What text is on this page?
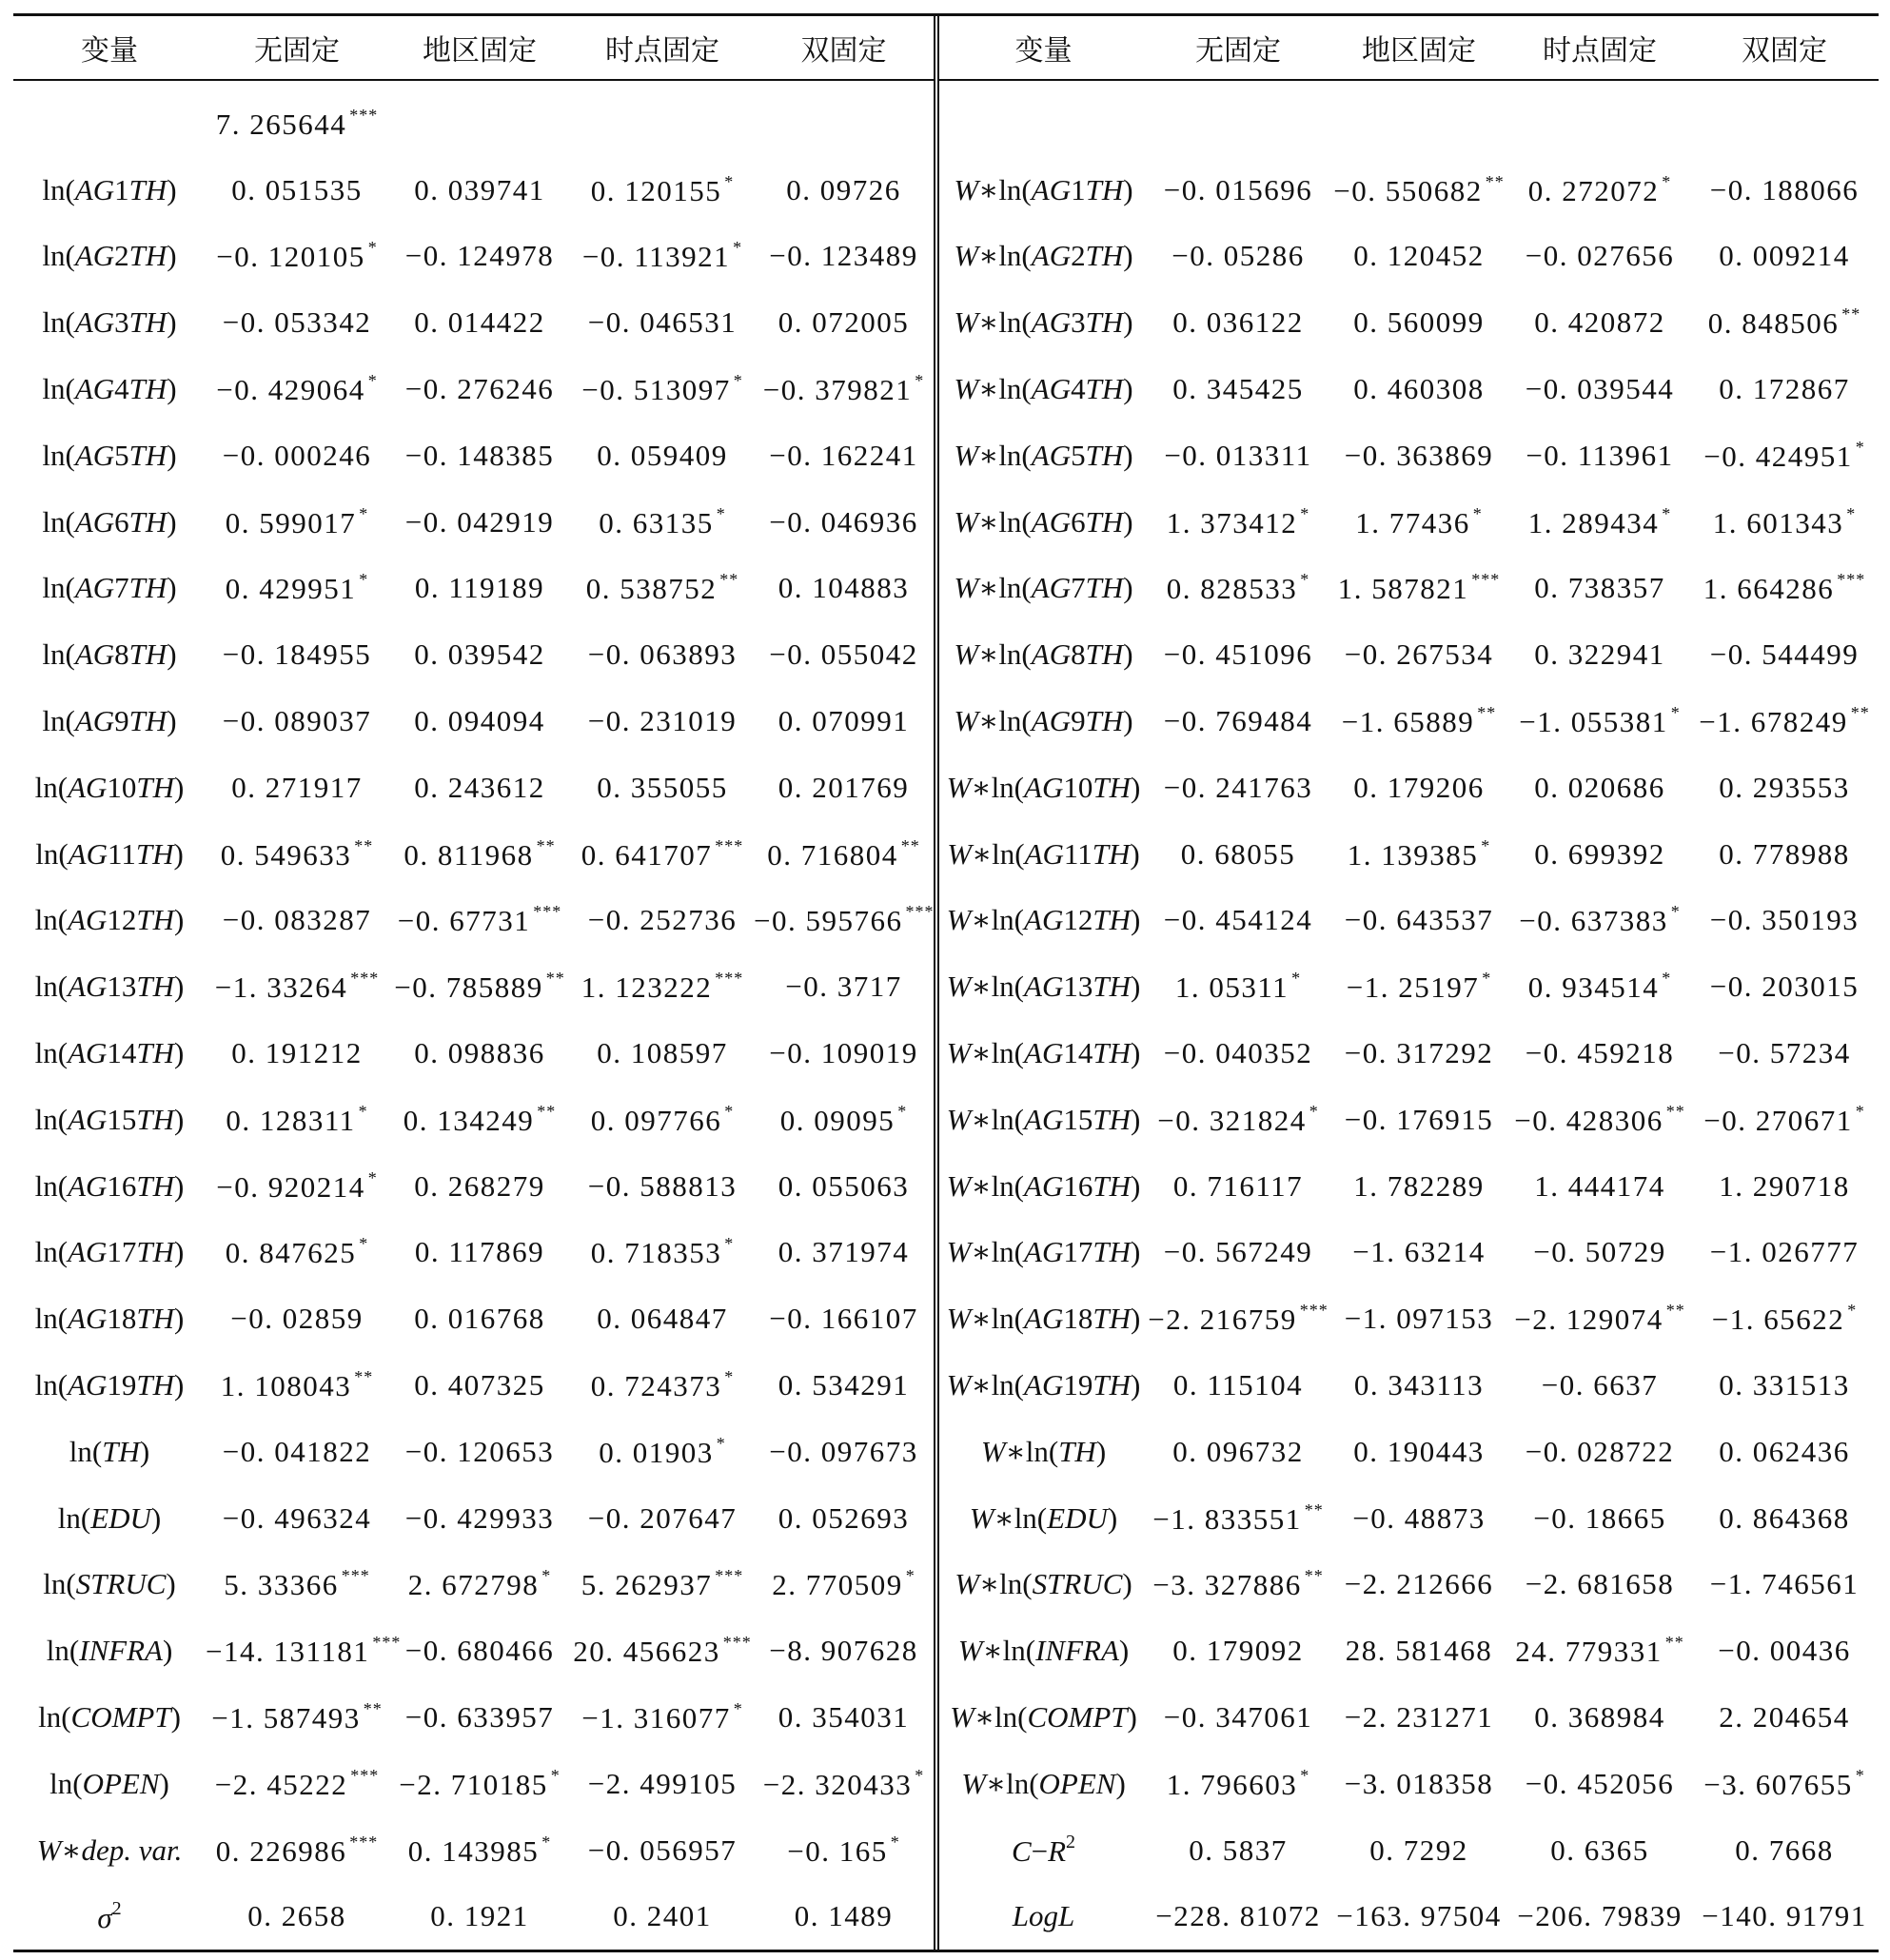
变量	无固定	地区固定	时点固定	双固定	变量	无固定	地区固定	时点固定	双固定
	7. 265644 ***								
ln(AG1TH)	0. 051535	0. 039741	0. 120155 *	0. 09726	W∗ln(AG1TH)	−0. 015696	−0. 550682 **	0. 272072 *	−0. 188066
ln(AG2TH)	−0. 120105 *	−0. 124978	−0. 113921 *	−0. 123489	W∗ln(AG2TH)	−0. 05286	0. 120452	−0. 027656	0. 009214
ln(AG3TH)	−0. 053342	0. 014422	−0. 046531	0. 072005	W∗ln(AG3TH)	0. 036122	0. 560099	0. 420872	0. 848506 **
ln(AG4TH)	−0. 429064 *	−0. 276246	−0. 513097 *	−0. 379821 *	W∗ln(AG4TH)	0. 345425	0. 460308	−0. 039544	0. 172867
ln(AG5TH)	−0. 000246	−0. 148385	0. 059409	−0. 162241	W∗ln(AG5TH)	−0. 013311	−0. 363869	−0. 113961	−0. 424951 *
ln(AG6TH)	0. 599017 *	−0. 042919	0. 63135 *	−0. 046936	W∗ln(AG6TH)	1. 373412 *	1. 77436 *	1. 289434 *	1. 601343 *
ln(AG7TH)	0. 429951 *	0. 119189	0. 538752 **	0. 104883	W∗ln(AG7TH)	0. 828533 *	1. 587821 ***	0. 738357	1. 664286 ***
ln(AG8TH)	−0. 184955	0. 039542	−0. 063893	−0. 055042	W∗ln(AG8TH)	−0. 451096	−0. 267534	0. 322941	−0. 544499
ln(AG9TH)	−0. 089037	0. 094094	−0. 231019	0. 070991	W∗ln(AG9TH)	−0. 769484	−1. 65889 **	−1. 055381 *	−1. 678249 **
ln(AG10TH)	0. 271917	0. 243612	0. 355055	0. 201769	W∗ln(AG10TH)	−0. 241763	0. 179206	0. 020686	0. 293553
ln(AG11TH)	0. 549633 **	0. 811968 **	0. 641707 ***	0. 716804 **	W∗ln(AG11TH)	0. 68055	1. 139385 *	0. 699392	0. 778988
ln(AG12TH)	−0. 083287	−0. 67731 ***	−0. 252736	−0. 595766 ***	W∗ln(AG12TH)	−0. 454124	−0. 643537	−0. 637383 *	−0. 350193
ln(AG13TH)	−1. 33264 ***	−0. 785889 **	1. 123222 ***	−0. 3717	W∗ln(AG13TH)	1. 05311 *	−1. 25197 *	0. 934514 *	−0. 203015
ln(AG14TH)	0. 191212	0. 098836	0. 108597	−0. 109019	W∗ln(AG14TH)	−0. 040352	−0. 317292	−0. 459218	−0. 57234
ln(AG15TH)	0. 128311 *	0. 134249 **	0. 097766 *	0. 09095 *	W∗ln(AG15TH)	−0. 321824 *	−0. 176915	−0. 428306 **	−0. 270671 *
ln(AG16TH)	−0. 920214 *	0. 268279	−0. 588813	0. 055063	W∗ln(AG16TH)	0. 716117	1. 782289	1. 444174	1. 290718
ln(AG17TH)	0. 847625 *	0. 117869	0. 718353 *	0. 371974	W∗ln(AG17TH)	−0. 567249	−1. 63214	−0. 50729	−1. 026777
ln(AG18TH)	−0. 02859	0. 016768	0. 064847	−0. 166107	W∗ln(AG18TH)	−2. 216759 ***	−1. 097153	−2. 129074 **	−1. 65622 *
ln(AG19TH)	1. 108043 **	0. 407325	0. 724373 *	0. 534291	W∗ln(AG19TH)	0. 115104	0. 343113	−0. 6637	0. 331513
ln(TH)	−0. 041822	−0. 120653	0. 01903 *	−0. 097673	W∗ln(TH)	0. 096732	0. 190443	−0. 028722	0. 062436
ln(EDU)	−0. 496324	−0. 429933	−0. 207647	0. 052693	W∗ln(EDU)	−1. 833551 **	−0. 48873	−0. 18665	0. 864368
ln(STRUC)	5. 33366 ***	2. 672798 *	5. 262937 ***	2. 770509 *	W∗ln(STRUC)	−3. 327886 **	−2. 212666	−2. 681658	−1. 746561
ln(INFRA)	−14. 131181 ***	−0. 680466	20. 456623 ***	−8. 907628	W∗ln(INFRA)	0. 179092	28. 581468	24. 779331 **	−0. 00436
ln(COMPT)	−1. 587493 **	−0. 633957	−1. 316077 *	0. 354031	W∗ln(COMPT)	−0. 347061	−2. 231271	0. 368984	2. 204654
ln(OPEN)	−2. 45222 ***	−2. 710185 *	−2. 499105	−2. 320433 *	W∗ln(OPEN)	1. 796603 *	−3. 018358	−0. 452056	−3. 607655 *
W∗dep. var.	0. 226986 ***	0. 143985 *	−0. 056957	−0. 165 *	$C-R^2$	0. 5837	0. 7292	0. 6365	0. 7668
$\sigma^2$	0. 2658	0. 1921	0. 2401	0. 1489	LogL	−228. 81072	−163. 97504	−206. 79839	−140. 91791
